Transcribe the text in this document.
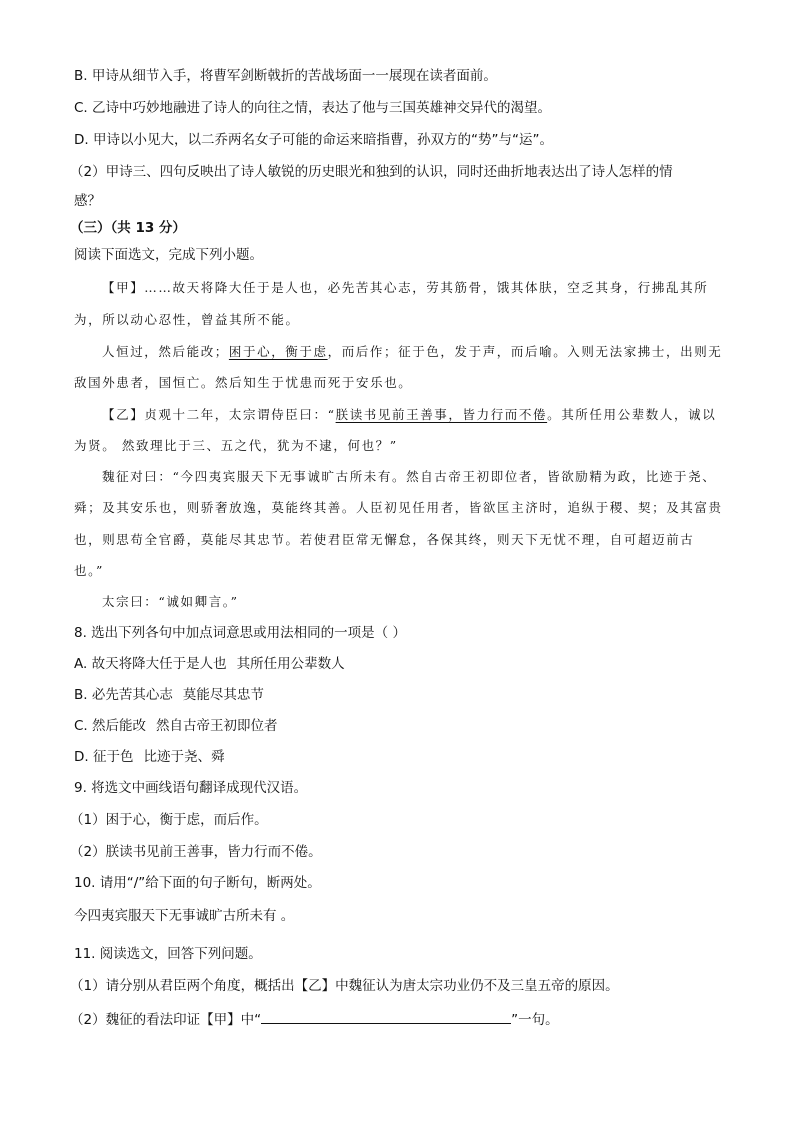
B. 甲诗从细节入手，将曹军剑断戟折的苦战场面一一展现在读者面前。
C. 乙诗中巧妙地融进了诗人的向往之情，表达了他与三国英雄神交异代的渴望。
D. 甲诗以小见大，以二乔两名女子可能的命运来暗指曹，孙双方的“势”与“运”。
（2）甲诗三、四句反映出了诗人敏锐的历史眼光和独到的认识，同时还曲折地表达出了诗人怎样的情
感？
（三）（共 13 分）
阅读下面选文，完成下列小题。
【甲】……故天将降大任于是人也，必先苦其心志，劳其筋骨，饿其体肤，空乏其身，行拂乱其所
为，所以动心忍性，曾益其所不能。
人恒过，然后能改；困于心，衡于虑，而后作；征于色，发于声，而后喻。入则无法家拂士，出则无
敌国外患者，国恒亡。然后知生于忧患而死于安乐也。
【乙】贞观十二年，太宗谓侍臣曰：“朕读书见前王善事，皆力行而不倦。其所任用公辈数人，诚以
为贤。 然致理比于三、五之代，犹为不逮，何也？”
魏征对曰：“今四夷宾服天下无事诚旷古所未有。然自古帝王初即位者，皆欲励精为政，比迹于尧、
舜；及其安乐也，则骄奢放逸，莫能终其善。人臣初见任用者，皆欲匡主济时，追纵于稷、契；及其富贵
也，则思苟全官爵，莫能尽其忠节。若使君臣常无懈怠，各保其终，则天下无忧不理，自可超迈前古
也。”
太宗曰：“诚如卿言。”
8. 选出下列各句中加点词意思或用法相同的一项是（ ）
A. 故天将降大任于是人也 其所任用公辈数人
B. 必先苦其心志 莫能尽其忠节
C. 然后能改 然自古帝王初即位者
D. 征于色 比迹于尧、舜
9. 将选文中画线语句翻译成现代汉语。
（1）困于心，衡于虑，而后作。
（2）朕读书见前王善事，皆力行而不倦。
10. 请用“/”给下面的句子断句，断两处。
今四夷宾服天下无事诚旷古所未有 。
11. 阅读选文，回答下列问题。
（1）请分别从君臣两个角度，概括出【乙】中魏征认为唐太宗功业仍不及三皇五帝的原因。
（2）魏征的看法印证【甲】中“	”一句。
